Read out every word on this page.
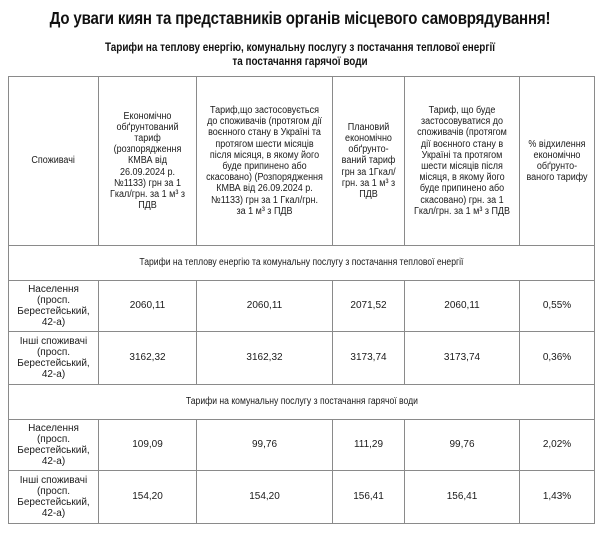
До уваги киян та представників органів місцевого самоврядування!
Тарифи на теплову енергію, комунальну послугу з постачання теплової енергії
та постачання гарячої води
Споживачі	Економічно обґрунтований тариф (розпорядження КМВА від 26.09.2024 р. №1133) грн за 1 Гкал/грн. за 1 м³ з ПДВ	Тариф,що застосовується до споживачів (протягом дії воєнного стану в Україні та протягом шести місяців після місяця, в якому його буде припинено або скасовано) (Розпорядження КМВА від 26.09.2024 р. №1133) грн за 1 Гкал/грн. за 1 м³ з ПДВ	Плановий економічно обґрунто-ваний тариф грн за 1Гкал/грн. за 1 м³ з ПДВ	Тариф, що буде застосовуватися до споживачів (протягом дії воєнного стану в Україні та протягом шести місяців після місяця, в якому його буде припинено або скасовано) грн. за 1 Гкал/грн. за 1 м³ з ПДВ	% відхилення економічно обґрунто-ваного тарифу
Тарифи на теплову енергію та комунальну послугу з постачання теплової енергії					
Населення (просп. Берестейський, 42-а)	2060,11	2060,11	2071,52	2060,11	0,55%
Інші споживачі (просп. Берестейський, 42-а)	3162,32	3162,32	3173,74	3173,74	0,36%
Тарифи на комунальну послугу з постачання гарячої води					
Населення (просп. Берестейський, 42-а)	109,09	99,76	111,29	99,76	2,02%
Інші споживачі (просп. Берестейський, 42-а)	154,20	154,20	156,41	156,41	1,43%
